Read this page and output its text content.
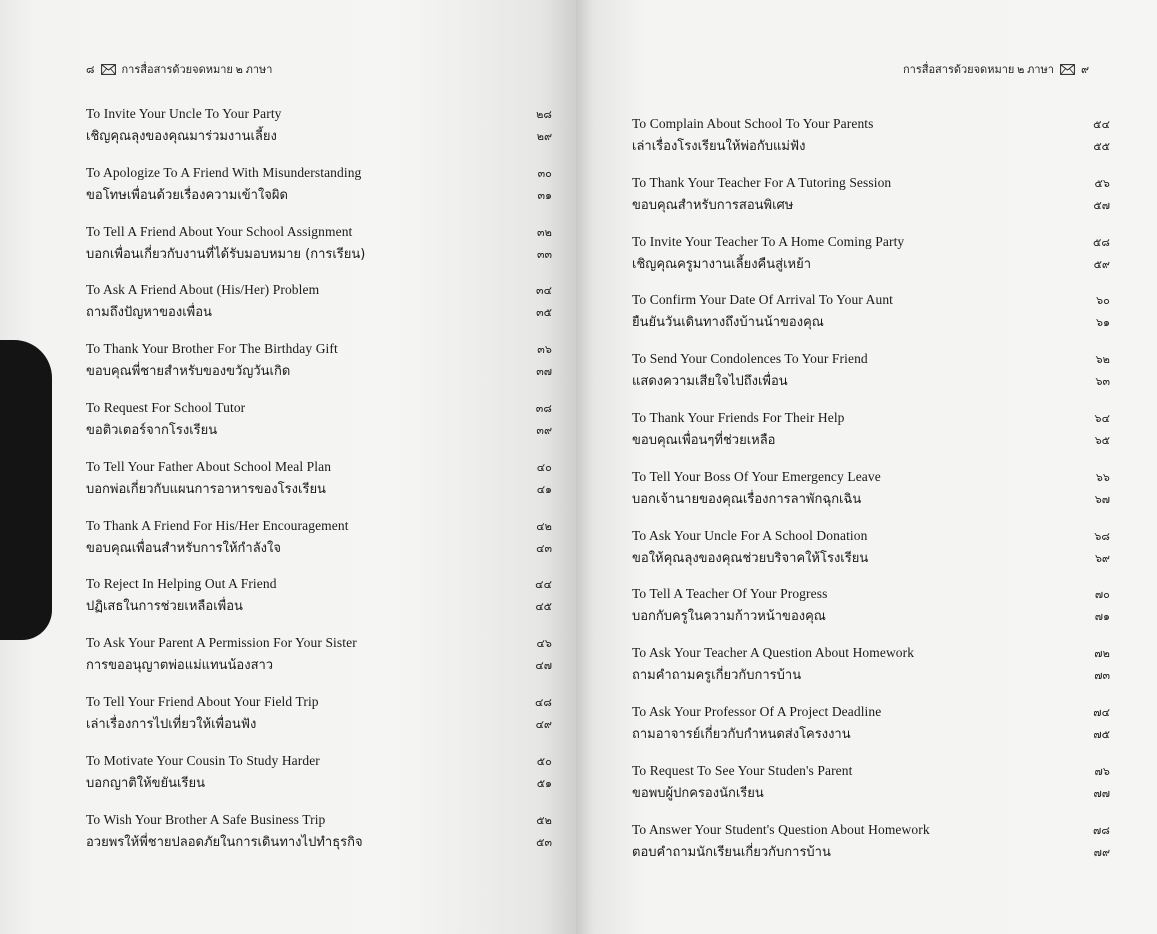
๘ การสื่อสารด้วยจดหมาย ๒ ภาษา
To Invite Your Uncle To Your Party	๒๘
เชิญคุณลุงของคุณมาร่วมงานเลี้ยง	๒๙
To Apologize To A Friend With Misunderstanding	๓๐
ขอโทษเพื่อนด้วยเรื่องความเข้าใจผิด	๓๑
To Tell A Friend About Your School Assignment	๓๒
บอกเพื่อนเกี่ยวกับงานที่ได้รับมอบหมาย (การเรียน)	๓๓
To Ask A Friend About (His/Her) Problem	๓๔
ถามถึงปัญหาของเพื่อน	๓๕
To Thank Your Brother For The Birthday Gift	๓๖
ขอบคุณพี่ชายสำหรับของขวัญวันเกิด	๓๗
To Request For School Tutor	๓๘
ขอติวเตอร์จากโรงเรียน	๓๙
To Tell Your Father About School Meal Plan	๔๐
บอกพ่อเกี่ยวกับแผนการอาหารของโรงเรียน	๔๑
To Thank A Friend For His/Her Encouragement	๔๒
ขอบคุณเพื่อนสำหรับการให้กำลังใจ	๔๓
To Reject In Helping Out A Friend	๔๔
ปฏิเสธในการช่วยเหลือเพื่อน	๔๕
To Ask Your Parent A Permission For Your Sister	๔๖
การขออนุญาตพ่อแม่แทนน้องสาว	๔๗
To Tell Your Friend About Your Field Trip	๔๘
เล่าเรื่องการไปเที่ยวให้เพื่อนฟัง	๔๙
To Motivate Your Cousin To Study Harder	๕๐
บอกญาติให้ขยันเรียน	๕๑
To Wish Your Brother A Safe Business Trip	๕๒
อวยพรให้พี่ชายปลอดภัยในการเดินทางไปทำธุรกิจ	๕๓
การสื่อสารด้วยจดหมาย ๒ ภาษา ๙
To Complain About School To Your Parents	๕๔
เล่าเรื่องโรงเรียนให้พ่อกับแม่ฟัง	๕๕
To Thank Your Teacher For A Tutoring Session	๕๖
ขอบคุณสำหรับการสอนพิเศษ	๕๗
To Invite Your Teacher To A Home Coming Party	๕๘
เชิญคุณครูมางานเลี้ยงคืนสู่เหย้า	๕๙
To Confirm Your Date Of Arrival To Your Aunt	๖๐
ยืนยันวันเดินทางถึงบ้านน้าของคุณ	๖๑
To Send Your Condolences To Your Friend	๖๒
แสดงความเสียใจไปถึงเพื่อน	๖๓
To Thank Your Friends For Their Help	๖๔
ขอบคุณเพื่อนๆที่ช่วยเหลือ	๖๕
To Tell Your Boss Of Your Emergency Leave	๖๖
บอกเจ้านายของคุณเรื่องการลาพักฉุกเฉิน	๖๗
To Ask Your Uncle For A School Donation	๖๘
ขอให้คุณลุงของคุณช่วยบริจาคให้โรงเรียน	๖๙
To Tell A Teacher Of Your Progress	๗๐
บอกกับครูในความก้าวหน้าของคุณ	๗๑
To Ask Your Teacher A Question About Homework	๗๒
ถามคำถามครูเกี่ยวกับการบ้าน	๗๓
To Ask Your Professor Of A Project Deadline	๗๔
ถามอาจารย์เกี่ยวกับกำหนดส่งโครงงาน	๗๕
To Request To See Your Studen's Parent	๗๖
ขอพบผู้ปกครองนักเรียน	๗๗
To Answer Your Student's Question About Homework	๗๘
ตอบคำถามนักเรียนเกี่ยวกับการบ้าน	๗๙
